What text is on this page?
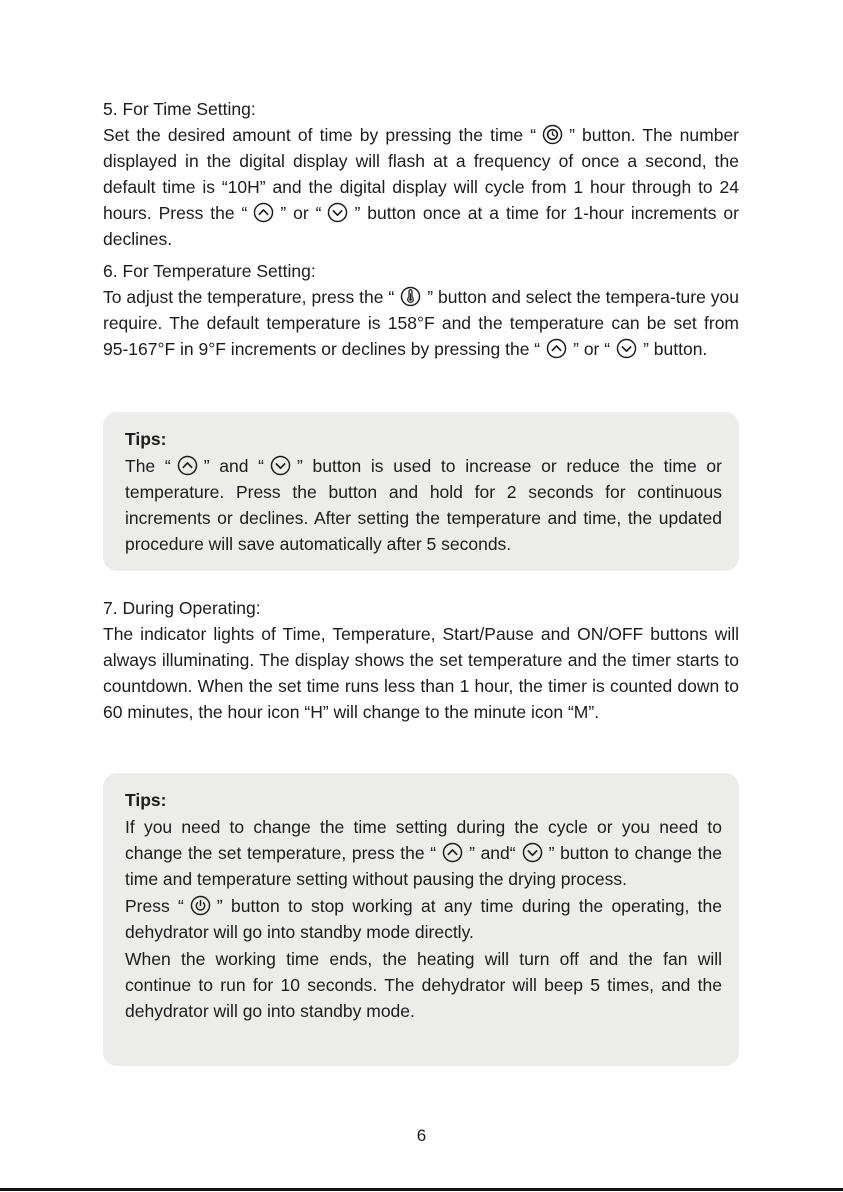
5. For Time Setting:

Set the desired amount of time by pressing the time “ ” button. The number displayed in the digital display will flash at a frequency of once a second, the default time is “10H” and the digital display will cycle from 1 hour through to 24 hours. Press the “ ” or “ ” button once at a time for 1-hour increments or declines.

6. For Temperature Setting:

To adjust the temperature, press the “ ” button and select the tempera-ture you require. The default temperature is 158°F and the temperature can be set from 95-167°F in 9°F increments or declines by pressing the “ ” or “ ” button.

Tips:

The “ ” and “ ” button is used to increase or reduce the time or temperature. Press the button and hold for 2 seconds for continuous increments or declines. After setting the temperature and time, the updated procedure will save automatically after 5 seconds.

7. During Operating:

The indicator lights of Time, Temperature, Start/Pause and ON/OFF buttons will always illuminating. The display shows the set temperature and the timer starts to countdown. When the set time runs less than 1 hour, the timer is counted down to 60 minutes, the hour icon “H” will change to the minute icon “M”.

Tips:

If you need to change the time setting during the cycle or you need to change the set temperature, press the “ ” and“ ” button to change the time and temperature setting without pausing the drying process.

Press “ ” button to stop working at any time during the operating, the dehydrator will go into standby mode directly.

When the working time ends, the heating will turn off and the fan will continue to run for 10 seconds. The dehydrator will beep 5 times, and the dehydrator will go into standby mode.

6
